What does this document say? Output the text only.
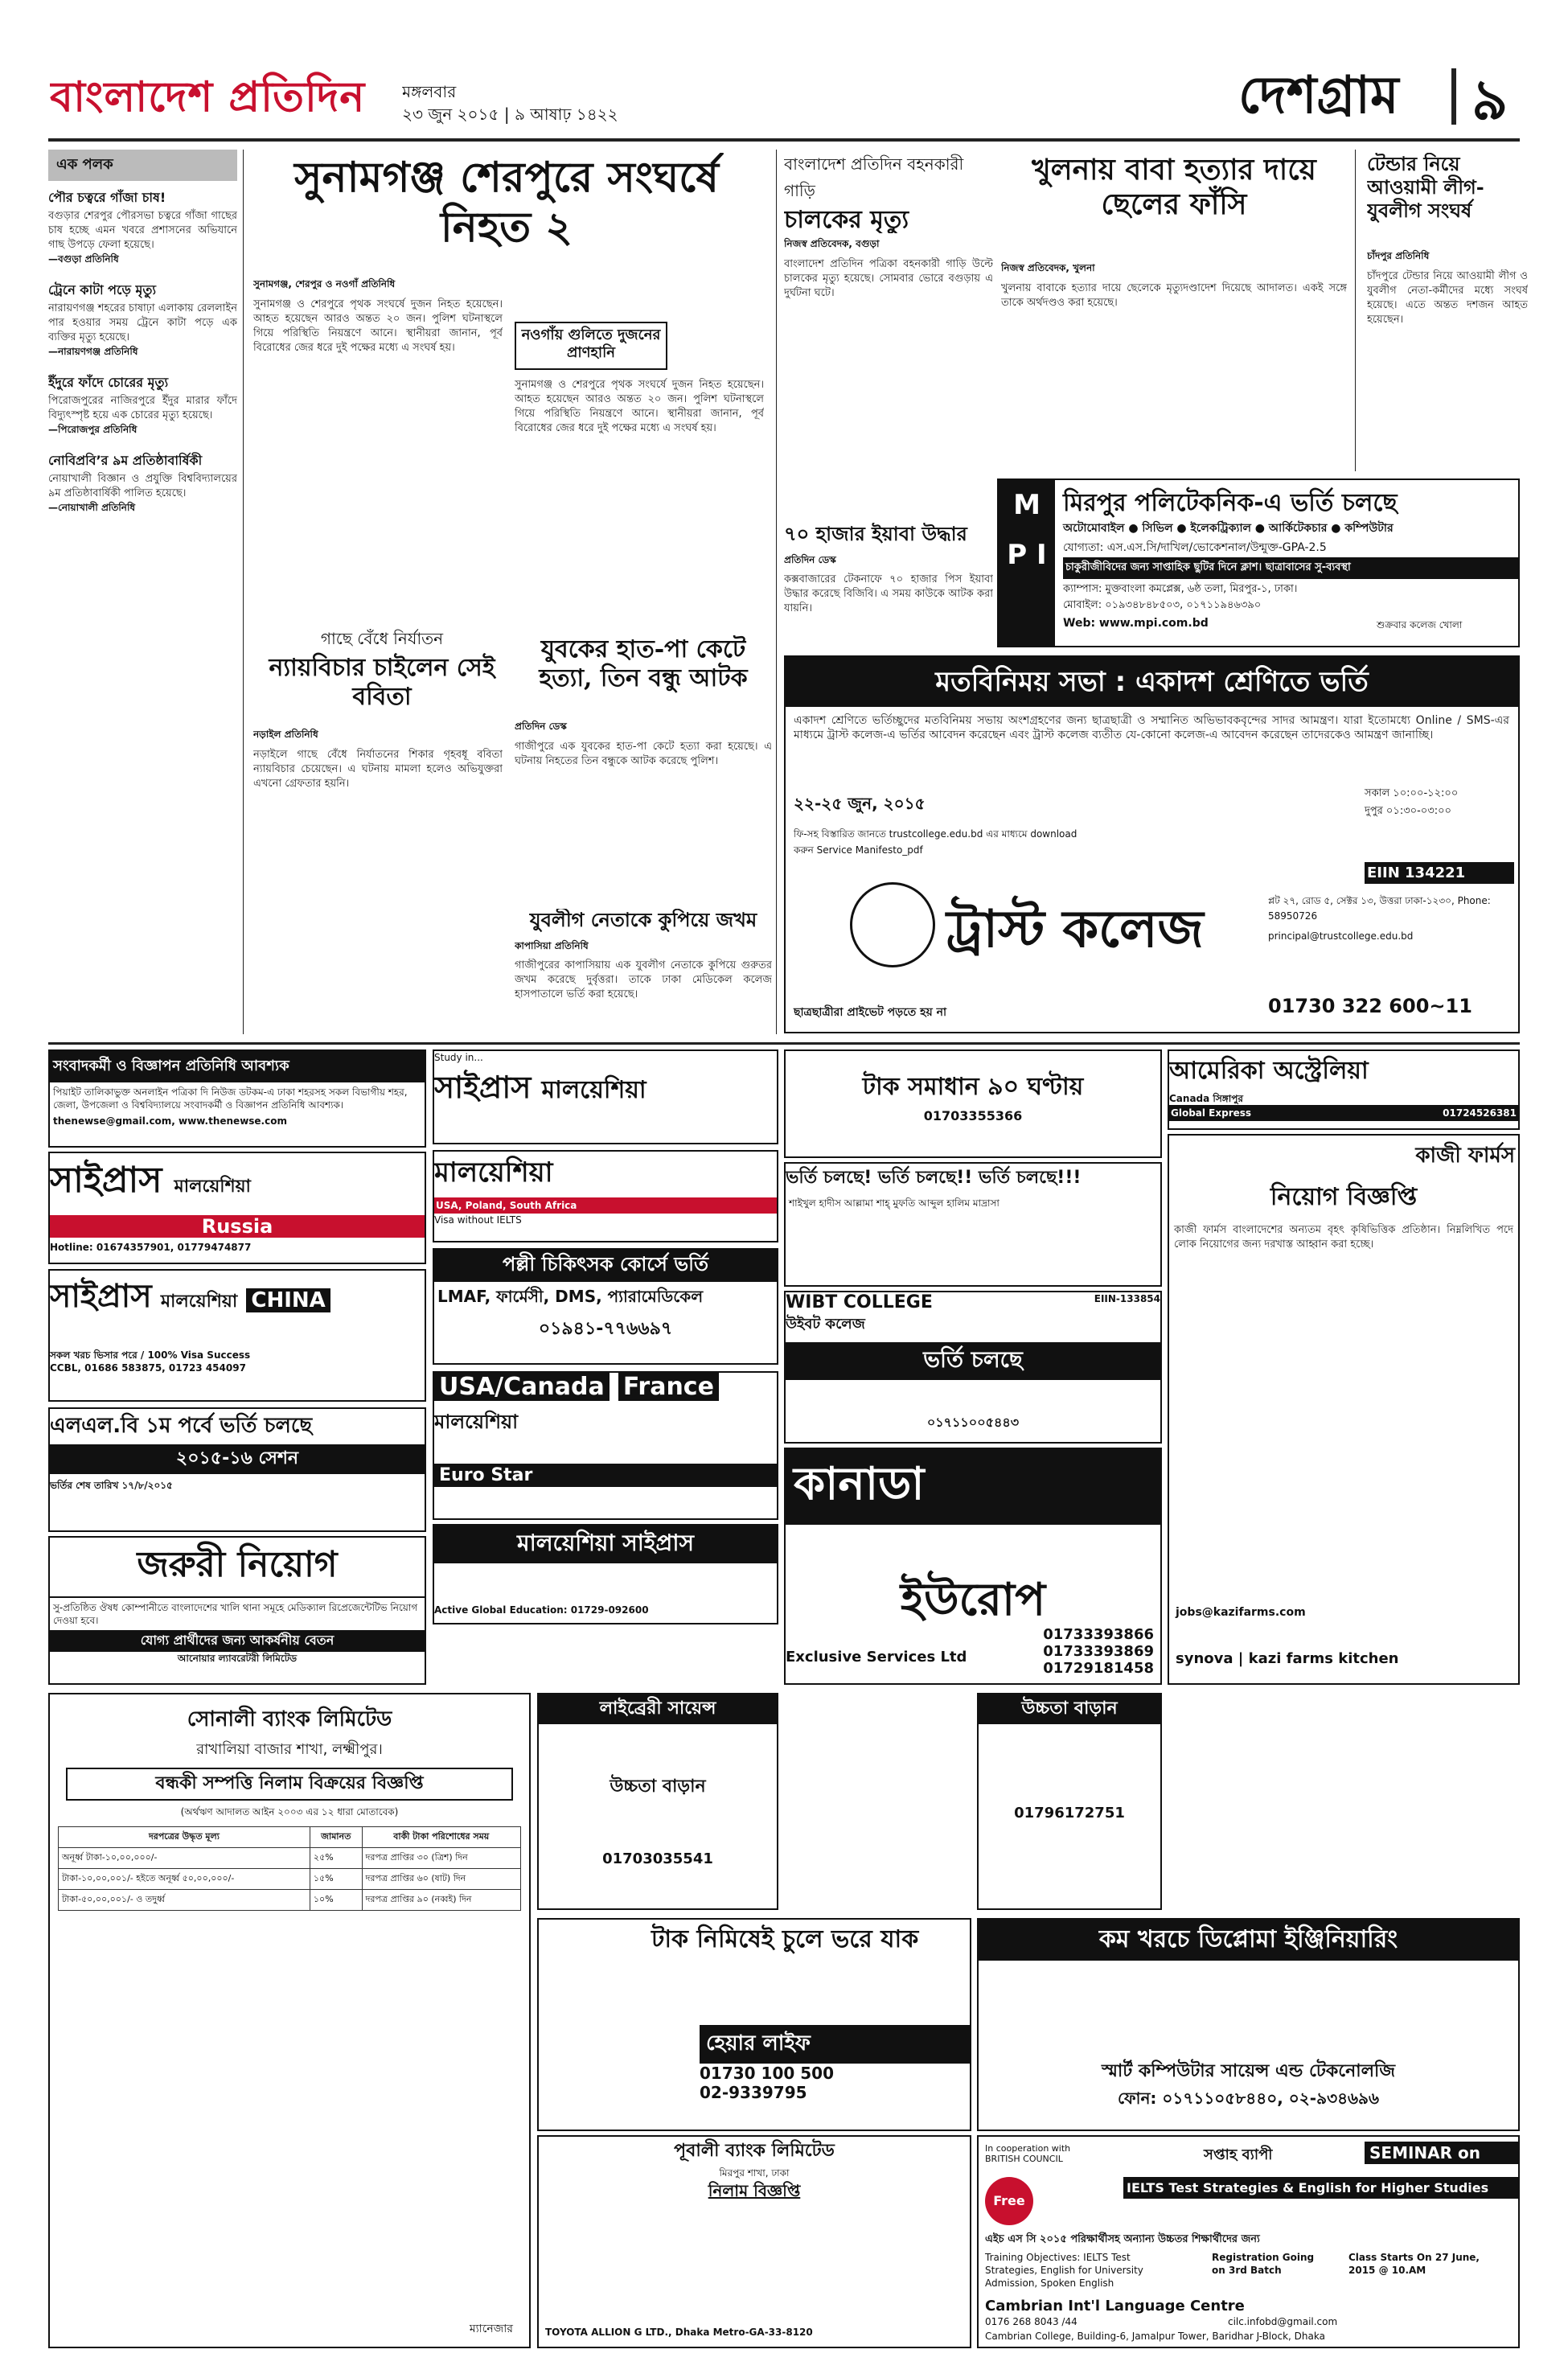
বাংলাদেশ প্রতিদিন	মঙ্গলবার
২৩ জুন ২০১৫ | ৯ আষাঢ় ১৪২২	দেশগ্রাম	৯
এক পলক
পৌর চত্বরে গাঁজা চাষ!
বগুড়ার শেরপুর পৌরসভা চত্বরে গাঁজা গাছের চাষ হচ্ছে এমন খবরে প্রশাসনের অভিযানে গাছ উপড়ে ফেলা হয়েছে।
—বগুড়া প্রতিনিধি
ট্রেনে কাটা পড়ে মৃত্যু
নারায়ণগঞ্জ শহরের চাষাঢ়া এলাকায় রেললাইন পার হওয়ার সময় ট্রেনে কাটা পড়ে এক ব্যক্তির মৃত্যু হয়েছে।
—নারায়ণগঞ্জ প্রতিনিধি
ইঁদুরে ফাঁদে চোরের মৃত্যু
পিরোজপুরের নাজিরপুরে ইঁদুর মারার ফাঁদে বিদ্যুৎস্পৃষ্ট হয়ে এক চোরের মৃত্যু হয়েছে।
—পিরোজপুর প্রতিনিধি
নোবিপ্রবি’র ৯ম প্রতিষ্ঠাবার্ষিকী
নোয়াখালী বিজ্ঞান ও প্রযুক্তি বিশ্ববিদ্যালয়ের ৯ম প্রতিষ্ঠাবার্ষিকী পালিত হয়েছে।
—নোয়াখালী প্রতিনিধি
সুনামগঞ্জ শেরপুরে সংঘর্ষে নিহত ২
সুনামগঞ্জ, শেরপুর ও নওগাঁ প্রতিনিধি
সুনামগঞ্জ ও শেরপুরে পৃথক সংঘর্ষে দুজন নিহত হয়েছেন। আহত হয়েছেন আরও অন্তত ২০ জন। পুলিশ ঘটনাস্থলে গিয়ে পরিস্থিতি নিয়ন্ত্রণে আনে। স্থানীয়রা জানান, পূর্ব বিরোধের জের ধরে দুই পক্ষের মধ্যে এ সংঘর্ষ হয়।
নওগাঁয় গুলিতে দুজনের প্রাণহানি
সুনামগঞ্জ ও শেরপুরে পৃথক সংঘর্ষে দুজন নিহত হয়েছেন। আহত হয়েছেন আরও অন্তত ২০ জন। পুলিশ ঘটনাস্থলে গিয়ে পরিস্থিতি নিয়ন্ত্রণে আনে। স্থানীয়রা জানান, পূর্ব বিরোধের জের ধরে দুই পক্ষের মধ্যে এ সংঘর্ষ হয়।
বাংলাদেশ প্রতিদিন বহনকারী গাড়ি
চালকের মৃত্যু
নিজস্ব প্রতিবেদক, বগুড়া
বাংলাদেশ প্রতিদিন পত্রিকা বহনকারী গাড়ি উল্টে চালকের মৃত্যু হয়েছে। সোমবার ভোরে বগুড়ায় এ দুর্ঘটনা ঘটে।
৭০ হাজার ইয়াবা উদ্ধার
প্রতিদিন ডেস্ক
কক্সবাজারের টেকনাফে ৭০ হাজার পিস ইয়াবা উদ্ধার করেছে বিজিবি। এ সময় কাউকে আটক করা যায়নি।
খুলনায় বাবা হত্যার দায়ে ছেলের ফাঁসি
নিজস্ব প্রতিবেদক, খুলনা
খুলনায় বাবাকে হত্যার দায়ে ছেলেকে মৃত্যুদণ্ডাদেশ দিয়েছে আদালত। একই সঙ্গে তাকে অর্থদণ্ডও করা হয়েছে।
টেন্ডার নিয়ে আওয়ামী লীগ-যুবলীগ সংঘর্ষ
চাঁদপুর প্রতিনিধি
চাঁদপুরে টেন্ডার নিয়ে আওয়ামী লীগ ও যুবলীগ নেতা-কর্মীদের মধ্যে সংঘর্ষ হয়েছে। এতে অন্তত দশজন আহত হয়েছেন।
গাছে বেঁধে নির্যাতন
ন্যায়বিচার চাইলেন সেই ববিতা
নড়াইল প্রতিনিধি
নড়াইলে গাছে বেঁধে নির্যাতনের শিকার গৃহবধূ ববিতা ন্যায়বিচার চেয়েছেন। এ ঘটনায় মামলা হলেও অভিযুক্তরা এখনো গ্রেফতার হয়নি।
যুবকের হাত-পা কেটে হত্যা, তিন বন্ধু আটক
প্রতিদিন ডেস্ক
গাজীপুরে এক যুবকের হাত-পা কেটে হত্যা করা হয়েছে। এ ঘটনায় নিহতের তিন বন্ধুকে আটক করেছে পুলিশ।
যুবলীগ নেতাকে কুপিয়ে জখম
কাপাসিয়া প্রতিনিধি
গাজীপুরের কাপাসিয়ায় এক যুবলীগ নেতাকে কুপিয়ে গুরুতর জখম করেছে দুর্বৃত্তরা। তাকে ঢাকা মেডিকেল কলেজ হাসপাতালে ভর্তি করা হয়েছে।
M P I
মিরপুর পলিটেকনিক-এ ভর্তি চলছে
অটোমোবাইল ● সিভিল ● ইলেকট্রিক্যাল ● আর্কিটেকচার ● কম্পিউটার
যোগ্যতা: এস.এস.সি/দাখিল/ভোকেশনাল/উন্মুক্ত-GPA-2.5
চাকুরীজীবিদের জন্য সাপ্তাহিক ছুটির দিনে ক্লাশ। ছাত্রাবাসের সু-ব্যবস্থা
ক্যাম্পাস: মুক্তবাংলা কমপ্লেক্স, ৬ষ্ঠ তলা, মিরপুর-১, ঢাকা।
মোবাইল: ০১৯৩৪৮৪৮৫০৩, ০১৭১১৯৪৬৩৯০
Web: www.mpi.com.bd	শুক্রবার কলেজ খোলা
মতবিনিময় সভা : একাদশ শ্রেণিতে ভর্তি
একাদশ শ্রেণিতে ভর্তিচ্ছুদের মতবিনিময় সভায় অংশগ্রহণের জন্য ছাত্রছাত্রী ও সম্মানিত অভিভাবকবৃন্দের সাদর আমন্ত্রণ। যারা ইতোমধ্যে Online / SMS-এর মাধ্যমে ট্রাস্ট কলেজ-এ ভর্তির আবেদন করেছেন এবং ট্রাস্ট কলেজ ব্যতীত যে-কোনো কলেজ-এ আবেদন করেছেন তাদেরকেও আমন্ত্রণ জানাচ্ছি।
২২-২৫ জুন, ২০১৫
সকাল ১০:০০-১২:০০
দুপুর ০১:৩০-০৩:০০
ফি-সহ বিস্তারিত জানতে trustcollege.edu.bd এর মাধ্যমে download করুন Service Manifesto_pdf
EIIN 134221
ট্রাস্ট কলেজ	প্লট ২৭, রোড ৫, সেক্টর ১৩, উত্তরা ঢাকা-১২৩০, Phone: 58950726
principal@trustcollege.edu.bd
01730 322 600~11
ছাত্রছাত্রীরা প্রাইভেট পড়তে হয় না
সংবাদকর্মী ও বিজ্ঞাপন প্রতিনিধি আবশ্যক
পিয়াইট তালিকাভুক্ত অনলাইন পত্রিকা দি নিউজ ডটকম-এ ঢাকা শহরসহ সকল বিভাগীয় শহর, জেলা, উপজেলা ও বিশ্ববিদ্যালয়ে সংবাদকর্মী ও বিজ্ঞাপন প্রতিনিধি আবশ্যক।
thenewse@gmail.com, www.thenewse.com
সাইপ্রাস মালয়েশিয়া
Russia
Hotline: 01674357901, 01779474877
সাইপ্রাস মালয়েশিয়া CHINA
সকল খরচ ভিসার পরে / 100% Visa Success
CCBL, 01686 583875, 01723 454097
এলএল.বি ১ম পর্বে ভর্তি চলছে
২০১৫-১৬ সেশন
ভর্তির শেষ তারিখ ১৭/৮/২০১৫
জরুরী নিয়োগ
সু-প্রতিষ্ঠিত ঔষধ কোম্পানীতে বাংলাদেশের খালি থানা সমূহে মেডিক্যাল রিপ্রেজেন্টেটিভ নিয়োগ দেওয়া হবে।
যোগ্য প্রার্থীদের জন্য আকর্ষনীয় বেতন
আনোয়ার ল্যাবরেটরী লিমিটেড
Study in...
সাইপ্রাস মালয়েশিয়া
মালয়েশিয়া
USA, Poland, South Africa
Visa without IELTS
পল্লী চিকিৎসক কোর্সে ভর্তি
LMAF, ফার্মেসী, DMS, প্যারামেডিকেল
০১৯৪১-৭৭৬৬৯৭
USA/Canada France
মালয়েশিয়া
Euro Star
মালয়েশিয়া সাইপ্রাস
Active Global Education: 01729-092600
টাক সমাধান ৯০ ঘণ্টায়
01703355366
ভর্তি চলছে! ভর্তি চলছে!! ভর্তি চলছে!!!
শাইখুল হাদীস আল্লামা শাহ্ মুফতি আব্দুল হালিম মাদ্রাসা
WIBT COLLEGE	EIIN-133854
উইবট কলেজ
ভর্তি চলছে
০১৭১১০০৫৪৪৩
কানাডা
ইউরোপ
Exclusive Services Ltd
01733393866
01733393869
01729181458
আমেরিকা অস্ট্রেলিয়া
Canada সিঙ্গাপুর
Global Express	01724526381
কাজী ফার্মস
নিয়োগ বিজ্ঞপ্তি
কাজী ফার্মস বাংলাদেশের অন্যতম বৃহৎ কৃষিভিত্তিক প্রতিষ্ঠান। নিম্নলিখিত পদে লোক নিয়োগের জন্য দরখাস্ত আহ্বান করা হচ্ছে।
jobs@kazifarms.com
synova | kazi farms kitchen
সোনালী ব্যাংক লিমিটেড
রাখালিয়া বাজার শাখা, লক্ষ্মীপুর।
বন্ধকী সম্পত্তি নিলাম বিক্রয়ের বিজ্ঞপ্তি
(অর্থঋণ আদালত আইন ২০০৩ এর ১২ ধারা মোতাবেক)
দরপত্রের উদ্ধৃত মূল্য	জামানত	বাকী টাকা পরিশোধের সময়
অনূর্ধ্ব টাকা-১০,০০,০০০/-	২৫%	দরপত্র প্রাপ্তির ৩০ (ত্রিশ) দিন
টাকা-১০,০০,০০১/- হইতে অনূর্ধ্ব ৫০,০০,০০০/-	১৫%	দরপত্র প্রাপ্তির ৬০ (ষাট) দিন
টাকা-৫০,০০,০০১/- ও তদুর্ধ্ব	১০%	দরপত্র প্রাপ্তির ৯০ (নব্বই) দিন
ম্যানেজার
লাইব্রেরী সায়েন্স
উচ্চতা বাড়ান
01703035541
টাক নিমিষেই চুলে ভরে যাক
হেয়ার লাইফ
01730 100 500
02-9339795
উচ্চতা বাড়ান
01796172751
পূবালী ব্যাংক লিমিটেড
মিরপুর শাখা, ঢাকা
নিলাম বিজ্ঞপ্তি
TOYOTA ALLION G LTD., Dhaka Metro-GA-33-8120
কম খরচে ডিপ্লোমা ইঞ্জিনিয়ারিং
স্মার্ট কম্পিউটার সায়েন্স এন্ড টেকনোলজি
ফোন: ০১৭১১০৫৮৪৪০, ০২-৯৩৪৬৯৬
In cooperation with BRITISH COUNCIL
Free
সপ্তাহ ব্যাপী	SEMINAR on
IELTS Test Strategies & English for Higher Studies
এইচ এস সি ২০১৫ পরিক্ষার্থীসহ অন্যান্য উচ্চতর শিক্ষার্থীদের জন্য
Training Objectives: IELTS Test Strategies, English for University Admission, Spoken English
Registration Going on 3rd Batch
Class Starts On 27 June, 2015 @ 10.AM
Cambrian Int'l Language Centre
0176 268 8043 /44	cilc.infobd@gmail.com
Cambrian College, Building-6, Jamalpur Tower, Baridhar J-Block, Dhaka
